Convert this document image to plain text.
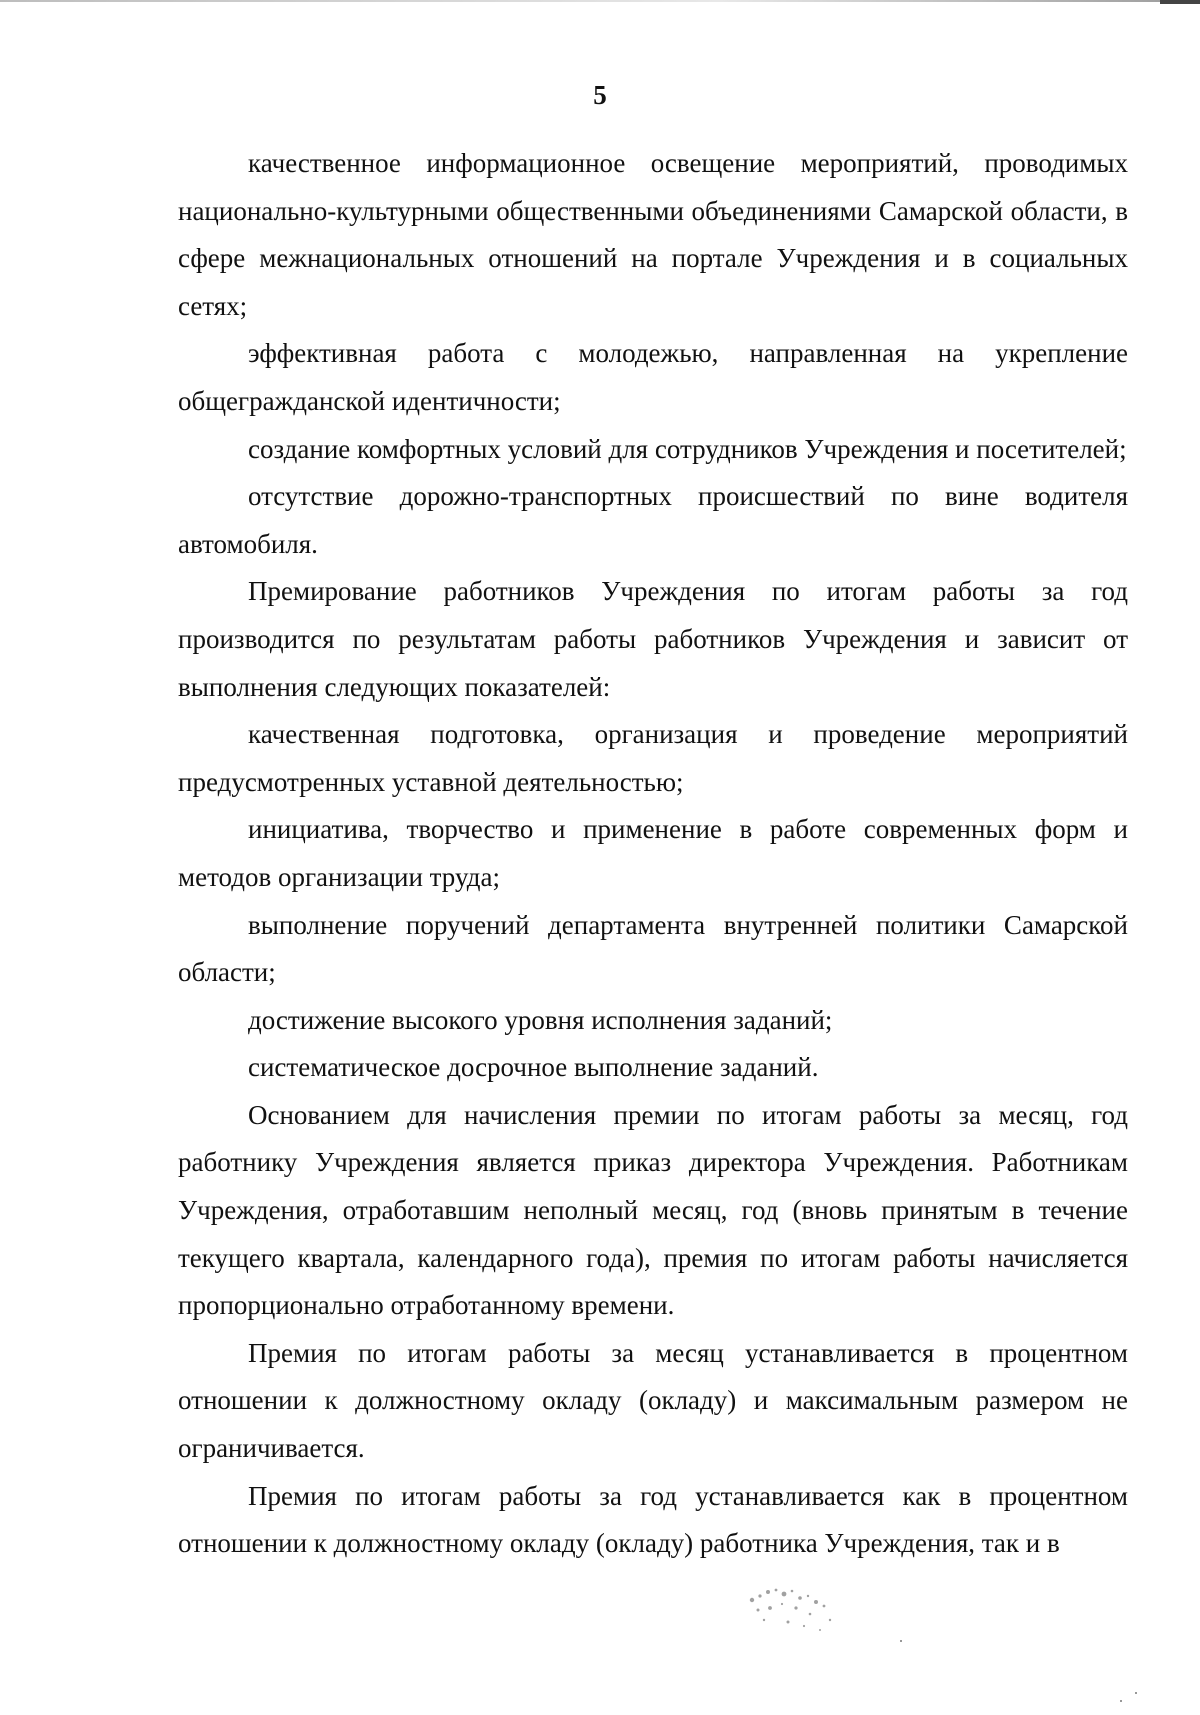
5

качественное информационное освещение мероприятий, проводимых национально-культурными общественными объединениями Самарской области, в сфере межнациональных отношений на портале Учреждения и в социальных сетях;

эффективная работа с молодежью, направленная на укрепление общегражданской идентичности;

создание комфортных условий для сотрудников Учреждения и посетителей;

отсутствие дорожно-транспортных происшествий по вине водителя автомобиля.

Премирование работников Учреждения по итогам работы за год производится по результатам работы работников Учреждения и зависит от выполнения следующих показателей:

качественная подготовка, организация и проведение мероприятий предусмотренных уставной деятельностью;

инициатива, творчество и применение в работе современных форм и методов организации труда;

выполнение поручений департамента внутренней политики Самарской области;

достижение высокого уровня исполнения заданий;

систематическое досрочное выполнение заданий.

Основанием для начисления премии по итогам работы за месяц, год работнику Учреждения является приказ директора Учреждения. Работникам Учреждения, отработавшим неполный месяц, год (вновь принятым в течение текущего квартала, календарного года), премия по итогам работы начисляется пропорционально отработанному времени.

Премия по итогам работы за месяц устанавливается в процентном отношении к должностному окладу (окладу) и максимальным размером не ограничивается.

Премия по итогам работы за год устанавливается как в процентном отношении к должностному окладу (окладу) работника Учреждения, так и в
